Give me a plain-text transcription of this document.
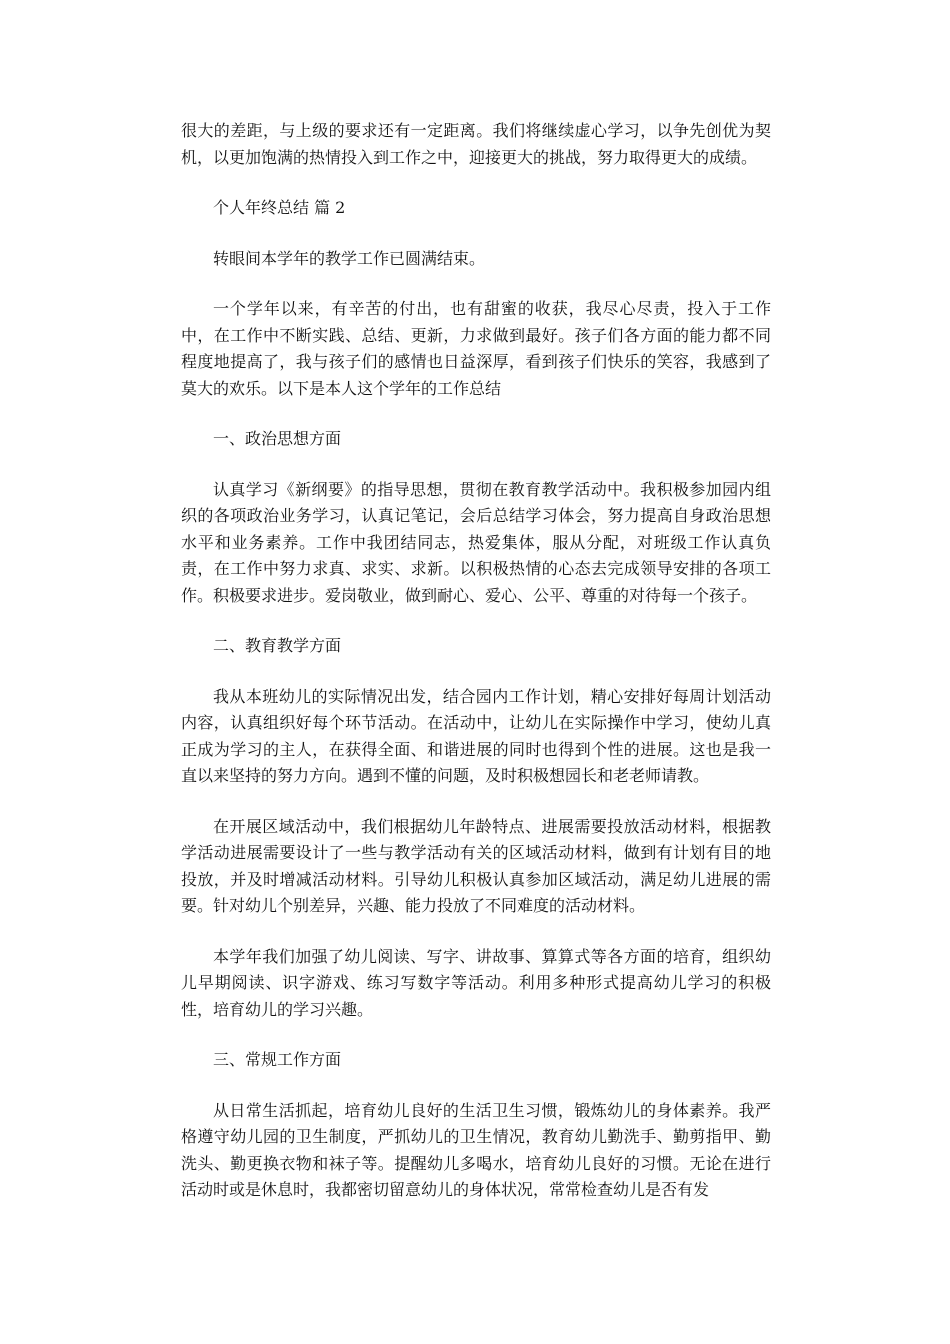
很大的差距，与上级的要求还有一定距离。我们将继续虚心学习，以争先创优为契机，以更加饱满的热情投入到工作之中，迎接更大的挑战，努力取得更大的成绩。

个人年终总结 篇 2

转眼间本学年的教学工作已圆满结束。

一个学年以来，有辛苦的付出，也有甜蜜的收获，我尽心尽责，投入于工作中，在工作中不断实践、总结、更新，力求做到最好。孩子们各方面的能力都不同程度地提高了，我与孩子们的感情也日益深厚，看到孩子们快乐的笑容，我感到了莫大的欢乐。以下是本人这个学年的工作总结

一、政治思想方面

认真学习《新纲要》的指导思想，贯彻在教育教学活动中。我积极参加园内组织的各项政治业务学习，认真记笔记，会后总结学习体会，努力提高自身政治思想水平和业务素养。工作中我团结同志，热爱集体，服从分配，对班级工作认真负责，在工作中努力求真、求实、求新。以积极热情的心态去完成领导安排的各项工作。积极要求进步。爱岗敬业，做到耐心、爱心、公平、尊重的对待每一个孩子。

二、教育教学方面

我从本班幼儿的实际情况出发，结合园内工作计划，精心安排好每周计划活动内容，认真组织好每个环节活动。在活动中，让幼儿在实际操作中学习，使幼儿真正成为学习的主人，在获得全面、和谐进展的同时也得到个性的进展。这也是我一直以来坚持的努力方向。遇到不懂的问题，及时积极想园长和老老师请教。

在开展区域活动中，我们根据幼儿年龄特点、进展需要投放活动材料，根据教学活动进展需要设计了一些与教学活动有关的区域活动材料，做到有计划有目的地投放，并及时增减活动材料。引导幼儿积极认真参加区域活动，满足幼儿进展的需要。针对幼儿个别差异，兴趣、能力投放了不同难度的活动材料。

本学年我们加强了幼儿阅读、写字、讲故事、算算式等各方面的培育，组织幼儿早期阅读、识字游戏、练习写数字等活动。利用多种形式提高幼儿学习的积极性，培育幼儿的学习兴趣。

三、常规工作方面

从日常生活抓起，培育幼儿良好的生活卫生习惯，锻炼幼儿的身体素养。我严格遵守幼儿园的卫生制度，严抓幼儿的卫生情况，教育幼儿勤洗手、勤剪指甲、勤洗头、勤更换衣物和袜子等。提醒幼儿多喝水，培育幼儿良好的习惯。无论在进行活动时或是休息时，我都密切留意幼儿的身体状况，常常检查幼儿是否有发
